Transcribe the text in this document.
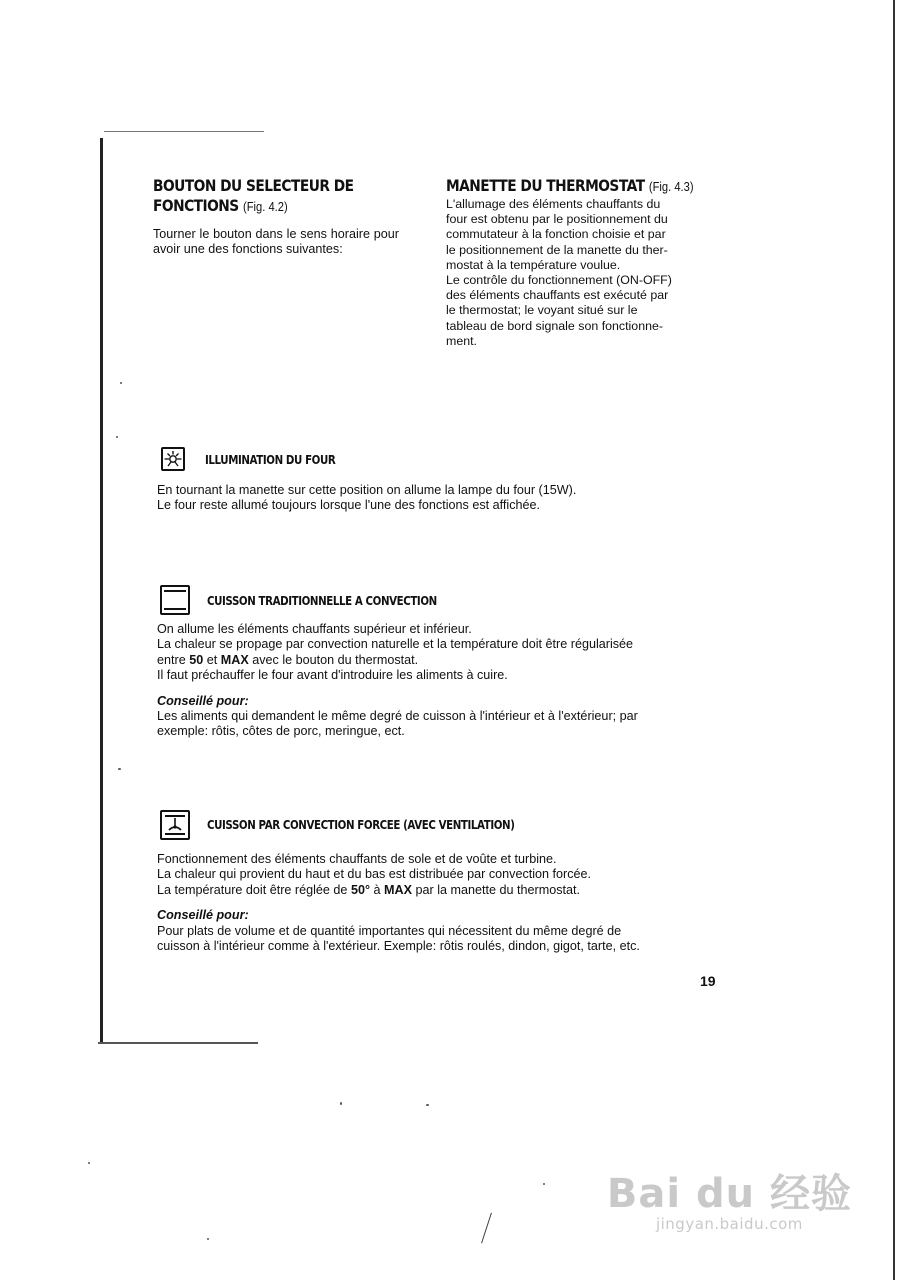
BOUTON DU SELECTEUR DE
FONCTIONS (Fig. 4.2)

Tourner le bouton dans le sens horaire pour avoir une des fonctions suivantes:

MANETTE DU THERMOSTAT (Fig. 4.3)

L'allumage des éléments chauffants du

four est obtenu par le positionnement du

commutateur à la fonction choisie et par

le positionnement de la manette du ther-

mostat à la température voulue.

Le contrôle du fonctionnement (ON-OFF)

des éléments chauffants est exécuté par

le thermostat; le voyant situé sur le

tableau de bord signale son fonctionne-

ment.

ILLUMINATION DU FOUR

En tournant la manette sur cette position on allume la lampe du four (15W).

Le four reste allumé toujours lorsque l'une des fonctions est affichée.

CUISSON TRADITIONNELLE A CONVECTION

On allume les éléments chauffants supérieur et inférieur.

La chaleur se propage par convection naturelle et la température doit être régularisée

entre 50 et MAX avec le bouton du thermostat.

Il faut préchauffer le four avant d'introduire les aliments à cuire.

Conseillé pour:

Les aliments qui demandent le même degré de cuisson à l'intérieur et à l'extérieur; par

exemple: rôtis, côtes de porc, meringue, ect.

CUISSON PAR CONVECTION FORCEE (AVEC VENTILATION)

Fonctionnement des éléments chauffants de sole et de voûte et turbine.

La chaleur qui provient du haut et du bas est distribuée par convection forcée.

La température doit être réglée de 50° à MAX par la manette du thermostat.

Conseillé pour:

Pour plats de volume et de quantité importantes qui nécessitent du même degré de

cuisson à l'intérieur comme à l'extérieur. Exemple: rôtis roulés, dindon, gigot, tarte, etc.

19
Bai du 经验
jingyan.baidu.com
